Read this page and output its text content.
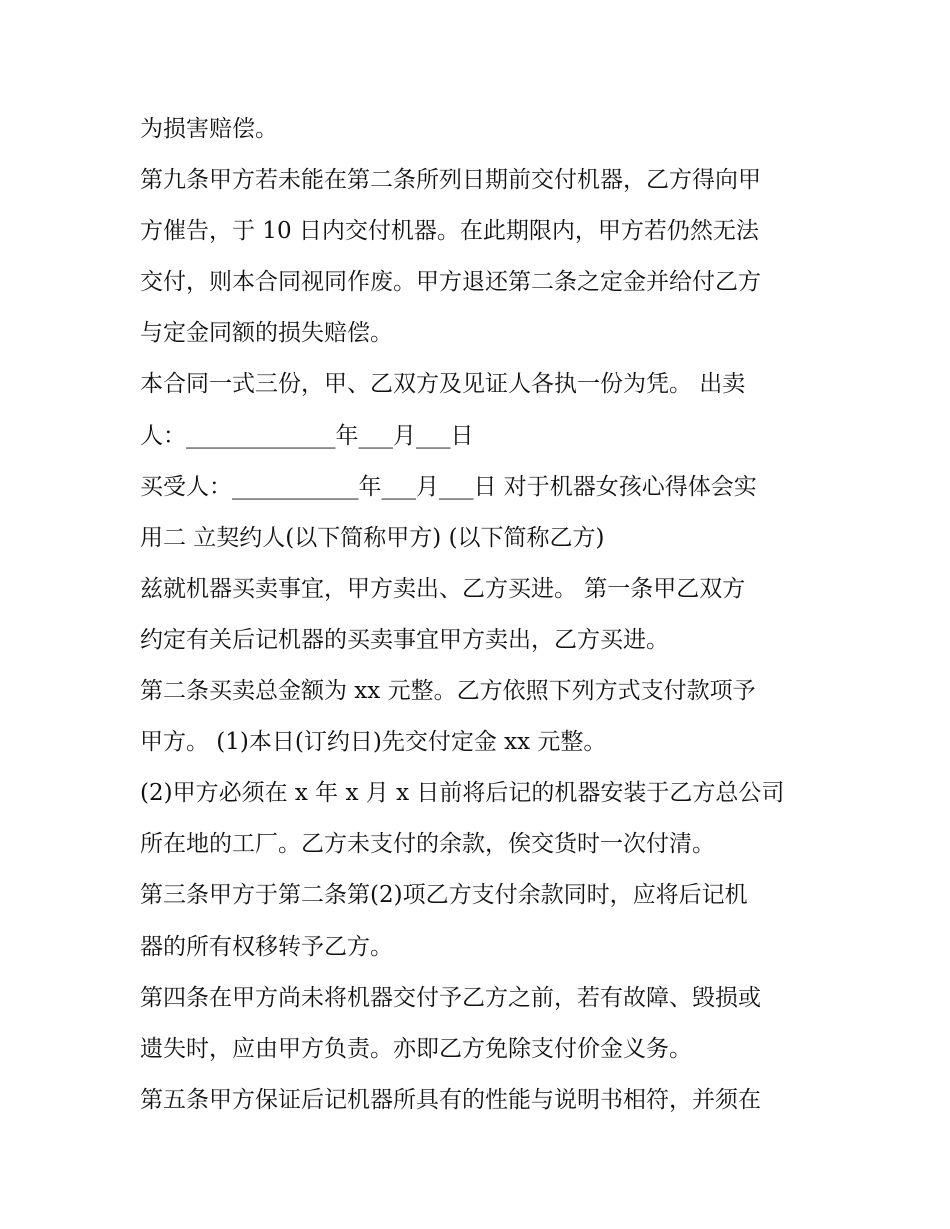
为损害赔偿。
第九条甲方若未能在第二条所列日期前交付机器，乙方得向甲
方催告，于 10 日内交付机器。在此期限内，甲方若仍然无法
交付，则本合同视同作废。甲方退还第二条之定金并给付乙方
与定金同额的损失赔偿。
本合同一式三份，甲、乙双方及见证人各执一份为凭。 出卖
人：_____________年___月___日
买受人：___________年___月___日 对于机器女孩心得体会实
用二 立契约人(以下简称甲方) (以下简称乙方)
兹就机器买卖事宜，甲方卖出、乙方买进。 第一条甲乙双方
约定有关后记机器的买卖事宜甲方卖出，乙方买进。
第二条买卖总金额为 xx 元整。乙方依照下列方式支付款项予
甲方。 (1)本日(订约日)先交付定金 xx 元整。
(2)甲方必须在 x 年 x 月 x 日前将后记的机器安装于乙方总公司
所在地的工厂。乙方未支付的余款，俟交货时一次付清。
第三条甲方于第二条第(2)项乙方支付余款同时，应将后记机
器的所有权移转予乙方。
第四条在甲方尚未将机器交付予乙方之前，若有故障、毁损或
遗失时，应由甲方负责。亦即乙方免除支付价金义务。
第五条甲方保证后记机器所具有的性能与说明书相符，并须在
